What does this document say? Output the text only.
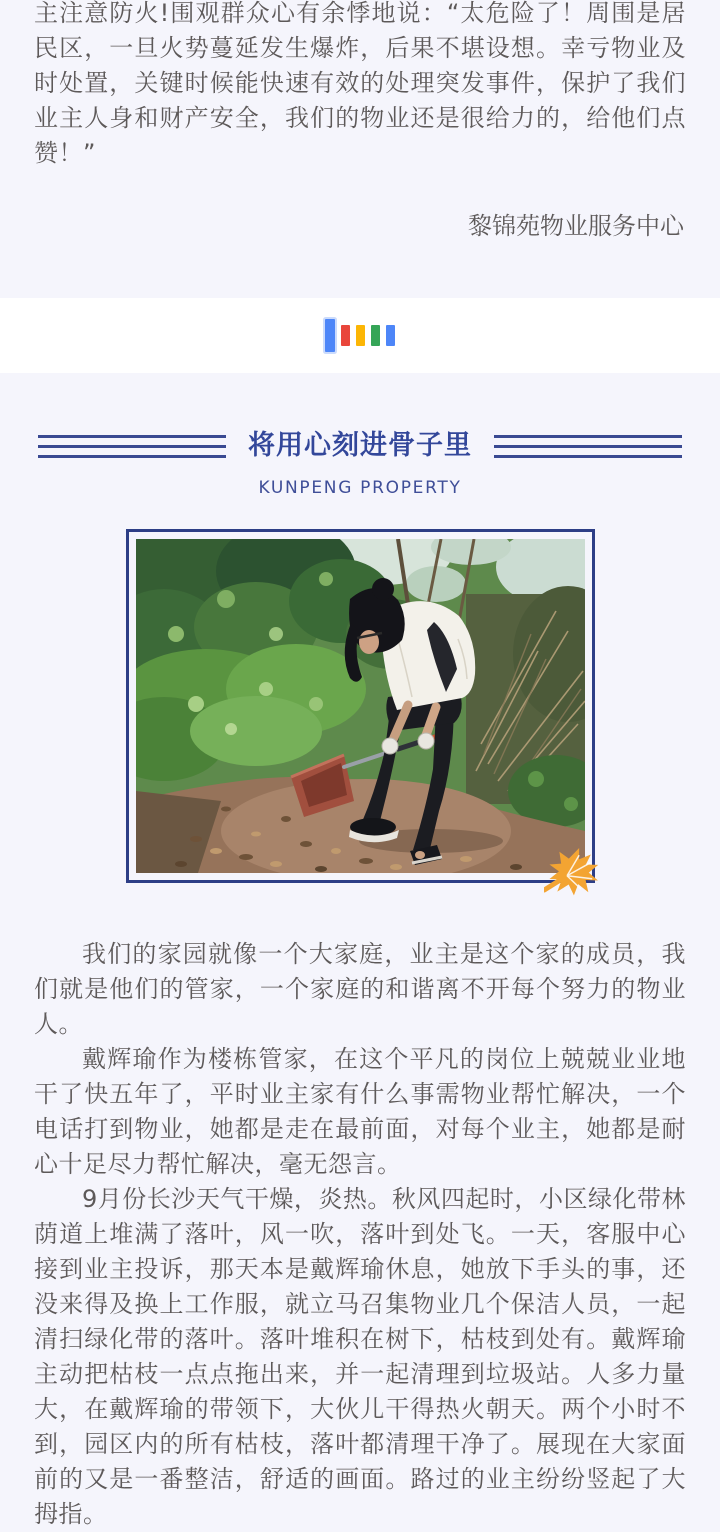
主注意防火!围观群众心有余悸地说：“太危险了！周围是居民区，一旦火势蔓延发生爆炸，后果不堪设想。幸亏物业及时处置，关键时候能快速有效的处理突发事件，保护了我们业主人身和财产安全，我们的物业还是很给力的，给他们点赞！”

黎锦苑物业服务中心

将用心刻进骨子里
KUNPENG PROPERTY

我们的家园就像一个大家庭，业主是这个家的成员，我们就是他们的管家，一个家庭的和谐离不开每个努力的物业人。

戴辉瑜作为楼栋管家，在这个平凡的岗位上兢兢业业地干了快五年了，平时业主家有什么事需物业帮忙解决，一个电话打到物业，她都是走在最前面，对每个业主，她都是耐心十足尽力帮忙解决，毫无怨言。

9月份长沙天气干燥，炎热。秋风四起时，小区绿化带林荫道上堆满了落叶，风一吹，落叶到处飞。一天，客服中心接到业主投诉，那天本是戴辉瑜休息，她放下手头的事，还没来得及换上工作服，就立马召集物业几个保洁人员，一起清扫绿化带的落叶。落叶堆积在树下，枯枝到处有。戴辉瑜主动把枯枝一点点拖出来，并一起清理到垃圾站。人多力量大，在戴辉瑜的带领下，大伙儿干得热火朝天。两个小时不到，园区内的所有枯枝，落叶都清理干净了。展现在大家面前的又是一番整洁，舒适的画面。路过的业主纷纷竖起了大拇指。
